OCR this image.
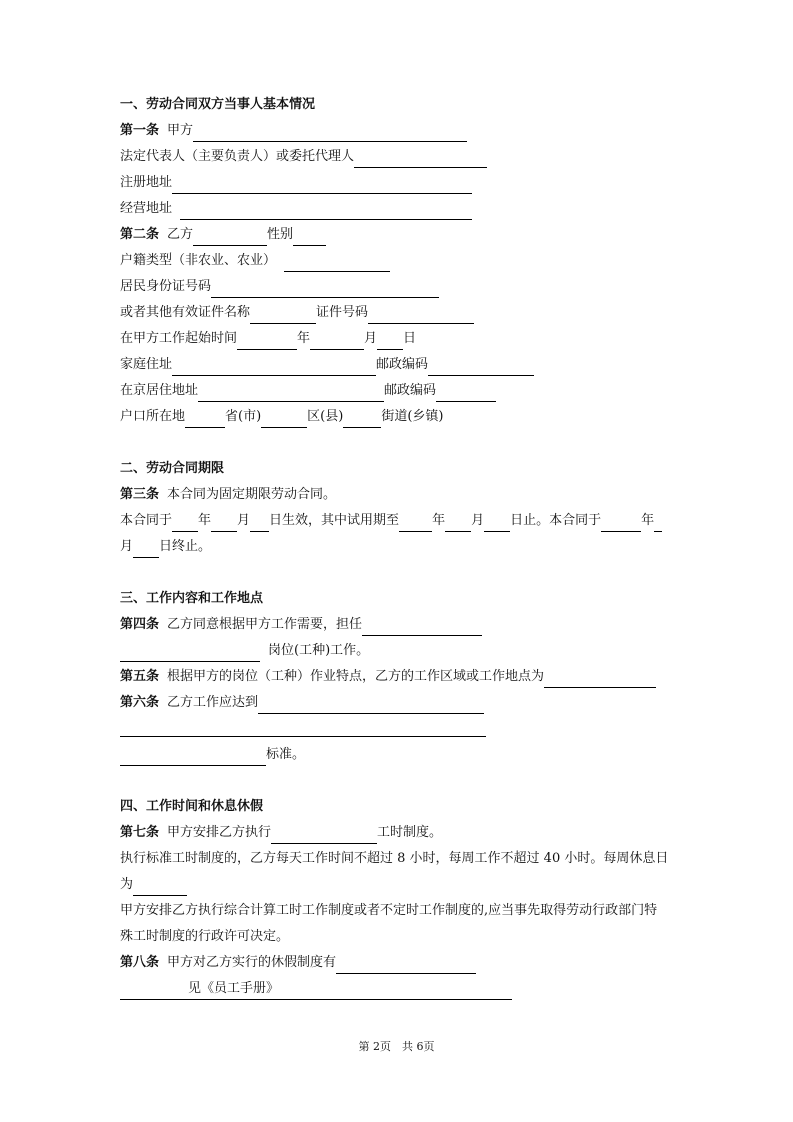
一、劳动合同双方当事人基本情况
第一条 甲方
法定代表人（主要负责人）或委托代理人
注册地址
经营地址
第二条 乙方	性别
户籍类型（非农业、农业）
居民身份证号码
或者其他有效证件名称	证件号码
在甲方工作起始时间	年	月 日
家庭住址	邮政编码
在京居住地址	邮政编码
户口所在地	省(市)	区(县)	街道(乡镇)
二、劳动合同期限
第三条 本合同为固定期限劳动合同。
本合同于 年 月 日生效，其中试用期至	年 月 日止。本合同于	年
月 日终止。
三、工作内容和工作地点
第四条 乙方同意根据甲方工作需要，担任
岗位(工种)工作。
第五条 根据甲方的岗位（工种）作业特点，乙方的工作区域或工作地点为
第六条 乙方工作应达到
标准。
四、工作时间和休息休假
第七条 甲方安排乙方执行	工时制度。
执行标准工时制度的，乙方每天工作时间不超过 8 小时，每周工作不超过 40 小时。每周休息日
为
甲方安排乙方执行综合计算工时工作制度或者不定时工作制度的,应当事先取得劳动行政部门特
殊工时制度的行政许可决定。
第八条 甲方对乙方实行的休假制度有
见《员工手册》
第 2页　共 6页
